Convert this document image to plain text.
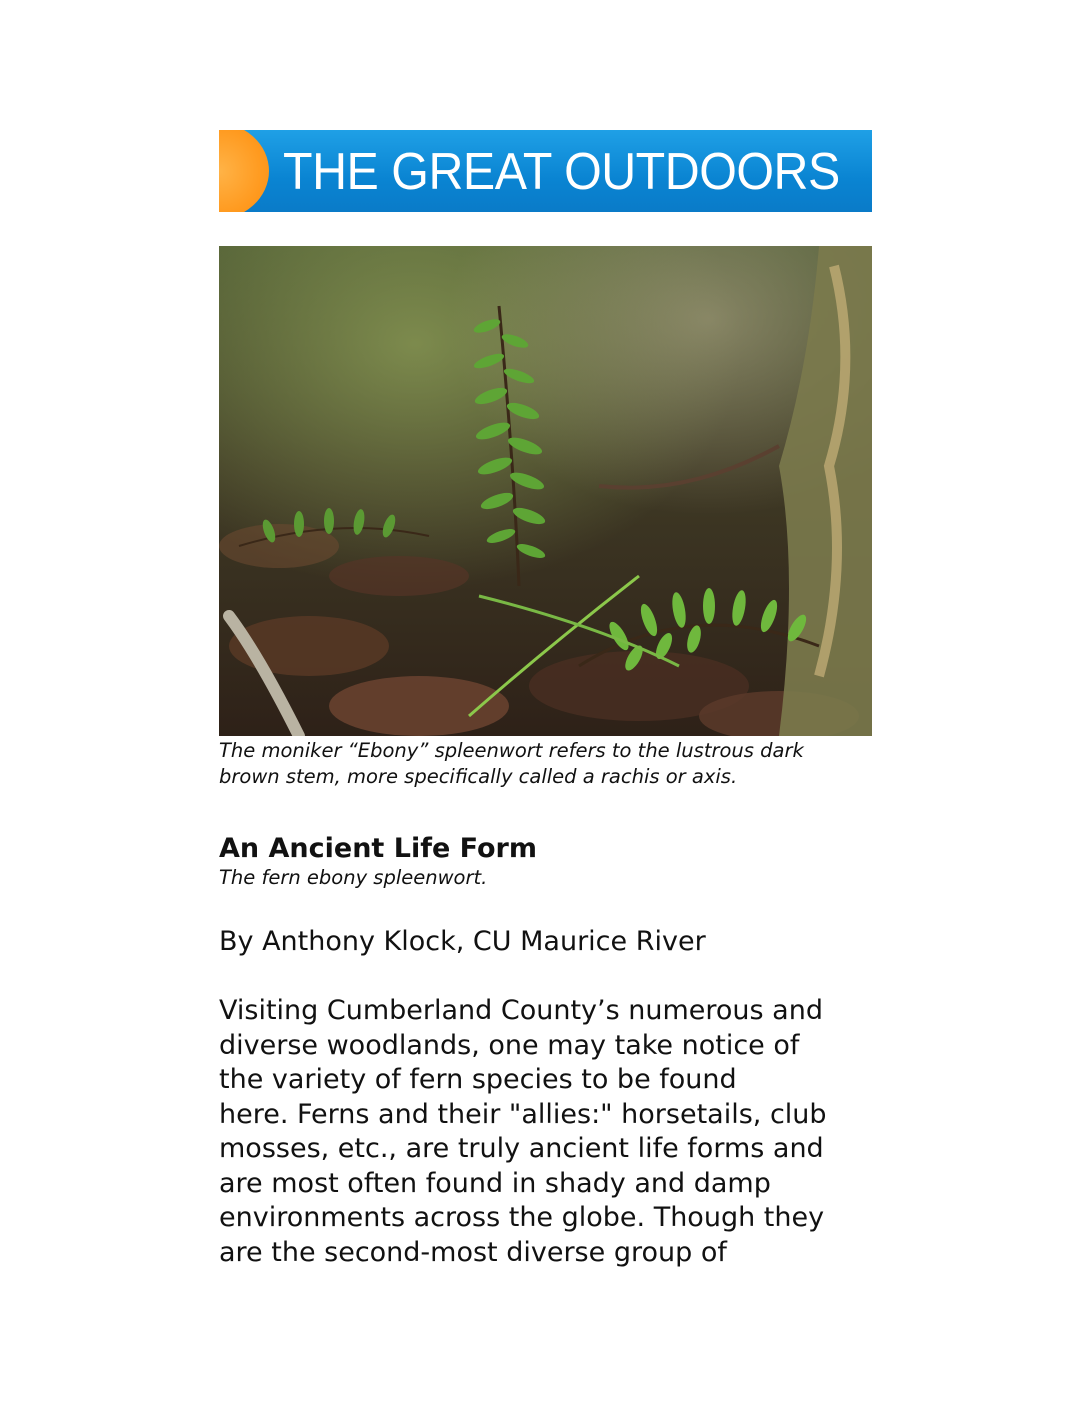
THE GREAT OUTDOORS
The moniker “Ebony” spleenwort refers to the lustrous dark
brown stem, more specifically called a rachis or axis.
An Ancient Life Form
The fern ebony spleenwort.
By Anthony Klock, CU Maurice River
Visiting Cumberland County’s numerous and
diverse woodlands, one may take notice of
the variety of fern species to be found
here. Ferns and their "allies:" horsetails, club
mosses, etc., are truly ancient life forms and
are most often found in shady and damp
environments across the globe. Though they
are the second-most diverse group of
